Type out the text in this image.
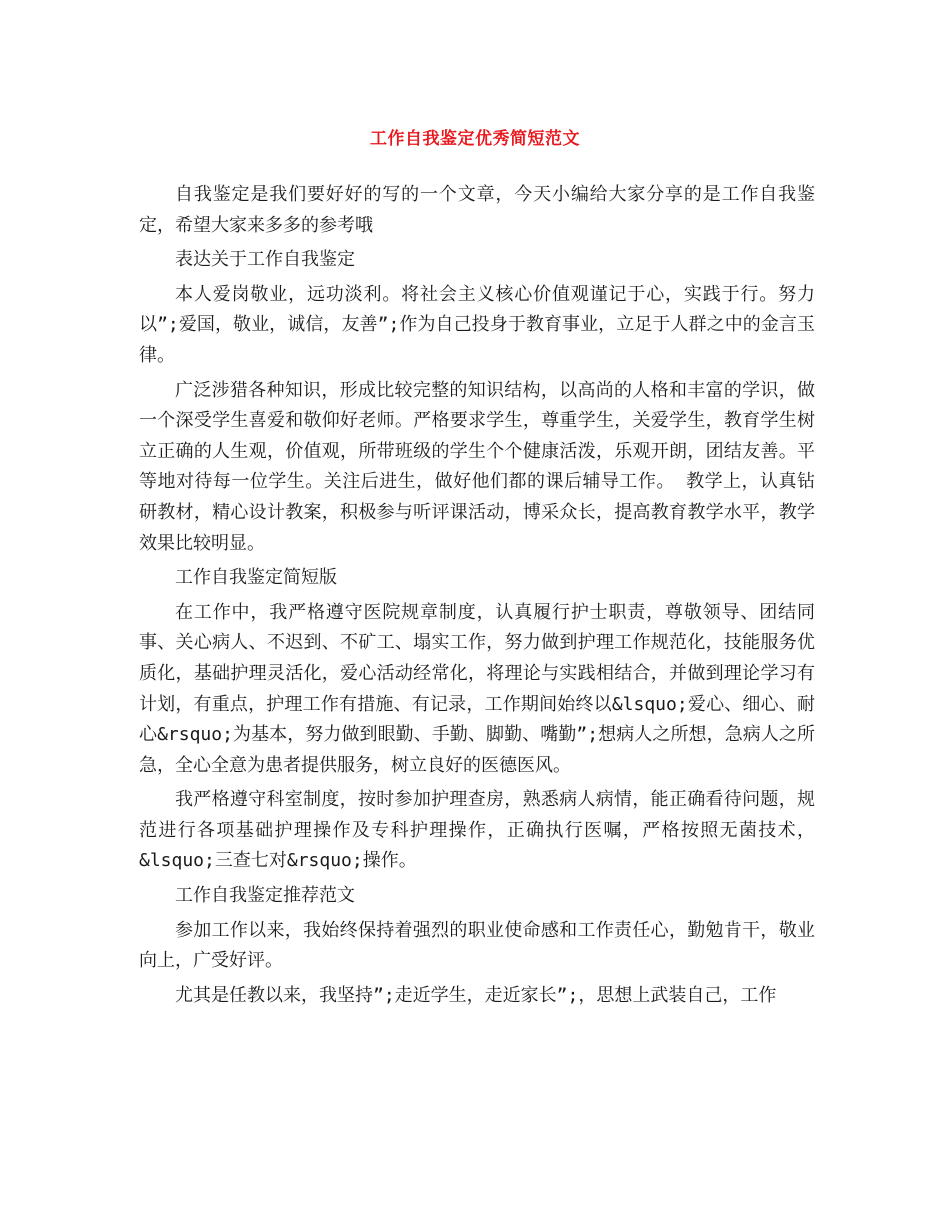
工作自我鉴定优秀简短范文

自我鉴定是我们要好好的写的一个文章，今天小编给大家分享的是工作自我鉴定，希望大家来多多的参考哦

表达关于工作自我鉴定

本人爱岗敬业，远功淡利。将社会主义核心价值观谨记于心，实践于行。努力以”;爱国，敬业，诚信，友善”;作为自己投身于教育事业，立足于人群之中的金言玉律。

广泛涉猎各种知识，形成比较完整的知识结构，以高尚的人格和丰富的学识，做一个深受学生喜爱和敬仰好老师。严格要求学生，尊重学生，关爱学生，教育学生树立正确的人生观，价值观，所带班级的学生个个健康活泼，乐观开朗，团结友善。平等地对待每一位学生。关注后进生，做好他们都的课后辅导工作。 教学上，认真钻研教材，精心设计教案，积极参与听评课活动，博采众长，提高教育教学水平，教学效果比较明显。

工作自我鉴定简短版

在工作中，我严格遵守医院规章制度，认真履行护士职责，尊敬领导、团结同事、关心病人、不迟到、不矿工、塌实工作，努力做到护理工作规范化，技能服务优质化，基础护理灵活化，爱心活动经常化，将理论与实践相结合，并做到理论学习有计划，有重点，护理工作有措施、有记录，工作期间始终以&lsquo;爱心、细心、耐心&rsquo;为基本，努力做到眼勤、手勤、脚勤、嘴勤”;想病人之所想，急病人之所急，全心全意为患者提供服务，树立良好的医德医风。

我严格遵守科室制度，按时参加护理查房，熟悉病人病情，能正确看待问题，规范进行各项基础护理操作及专科护理操作，正确执行医嘱，严格按照无菌技术，&lsquo;三查七对&rsquo;操作。

工作自我鉴定推荐范文

参加工作以来，我始终保持着强烈的职业使命感和工作责任心，勤勉肯干，敬业向上，广受好评。

尤其是任教以来，我坚持”;走近学生，走近家长”;，思想上武装自己，工作
